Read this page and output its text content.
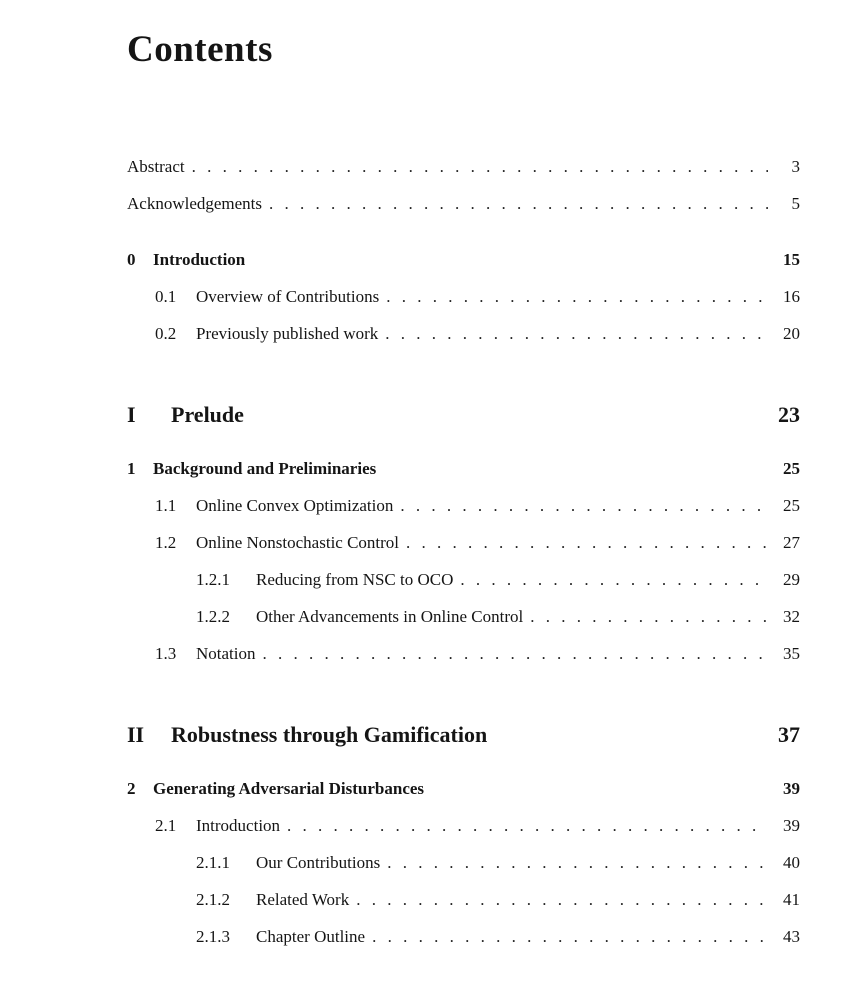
Contents
Abstract . . .	3
Acknowledgements . . .	5
0	Introduction	15
0.1	Overview of Contributions . . .	16
0.2	Previously published work . . .	20
I	Prelude	23
1	Background and Preliminaries	25
1.1	Online Convex Optimization . . .	25
1.2	Online Nonstochastic Control . . .	27
1.2.1	Reducing from NSC to OCO . . .	29
1.2.2	Other Advancements in Online Control . . .	32
1.3	Notation . . .	35
II	Robustness through Gamification	37
2	Generating Adversarial Disturbances	39
2.1	Introduction . . .	39
2.1.1	Our Contributions . . .	40
2.1.2	Related Work . . .	41
2.1.3	Chapter Outline . . .	43
